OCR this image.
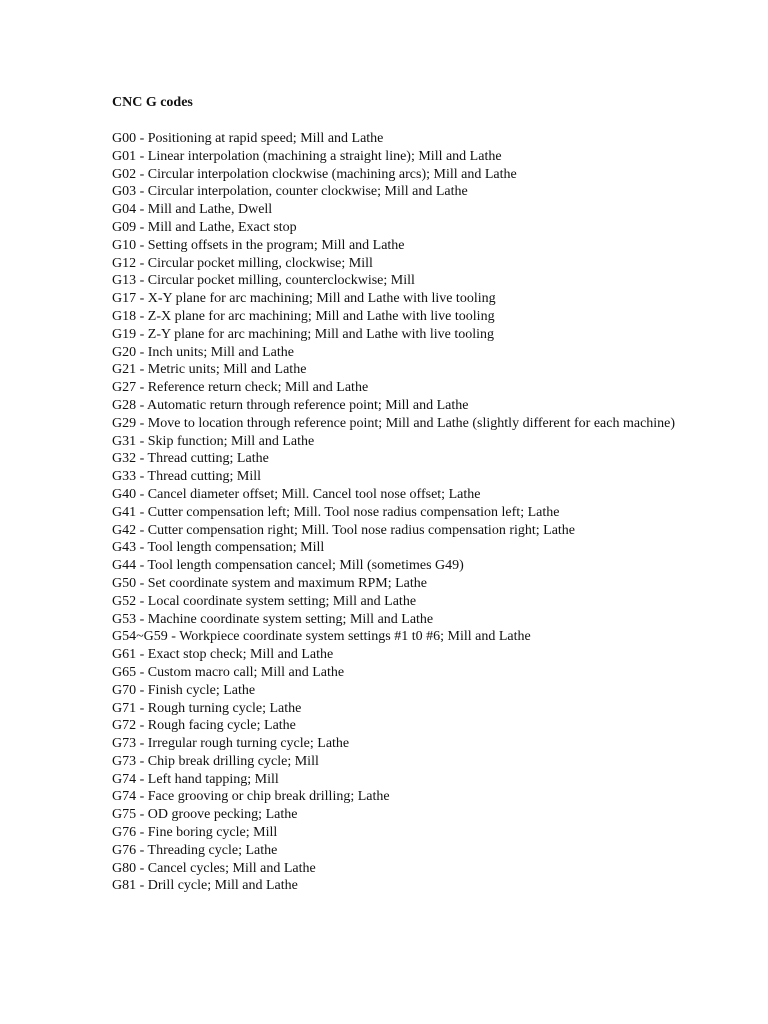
CNC G codes
G00 - Positioning at rapid speed; Mill and Lathe
G01 - Linear interpolation (machining a straight line); Mill and Lathe
G02 - Circular interpolation clockwise (machining arcs); Mill and Lathe
G03 - Circular interpolation, counter clockwise; Mill and Lathe
G04 - Mill and Lathe, Dwell
G09 - Mill and Lathe, Exact stop
G10 - Setting offsets in the program; Mill and Lathe
G12 - Circular pocket milling, clockwise; Mill
G13 - Circular pocket milling, counterclockwise; Mill
G17 - X-Y plane for arc machining; Mill and Lathe with live tooling
G18 - Z-X plane for arc machining; Mill and Lathe with live tooling
G19 - Z-Y plane for arc machining; Mill and Lathe with live tooling
G20 - Inch units; Mill and Lathe
G21 - Metric units; Mill and Lathe
G27 - Reference return check; Mill and Lathe
G28 - Automatic return through reference point; Mill and Lathe
G29 - Move to location through reference point; Mill and Lathe (slightly different for each machine)
G31 - Skip function; Mill and Lathe
G32 - Thread cutting; Lathe
G33 - Thread cutting; Mill
G40 - Cancel diameter offset; Mill. Cancel tool nose offset; Lathe
G41 - Cutter compensation left; Mill. Tool nose radius compensation left; Lathe
G42 - Cutter compensation right; Mill. Tool nose radius compensation right; Lathe
G43 - Tool length compensation; Mill
G44 - Tool length compensation cancel; Mill (sometimes G49)
G50 - Set coordinate system and maximum RPM; Lathe
G52 - Local coordinate system setting; Mill and Lathe
G53 - Machine coordinate system setting; Mill and Lathe
G54~G59 - Workpiece coordinate system settings #1 t0 #6; Mill and Lathe
G61 - Exact stop check; Mill and Lathe
G65 - Custom macro call; Mill and Lathe
G70 - Finish cycle; Lathe
G71 - Rough turning cycle; Lathe
G72 - Rough facing cycle; Lathe
G73 - Irregular rough turning cycle; Lathe
G73 - Chip break drilling cycle; Mill
G74 - Left hand tapping; Mill
G74 - Face grooving or chip break drilling; Lathe
G75 - OD groove pecking; Lathe
G76 - Fine boring cycle; Mill
G76 - Threading cycle; Lathe
G80 - Cancel cycles; Mill and Lathe
G81 - Drill cycle; Mill and Lathe
